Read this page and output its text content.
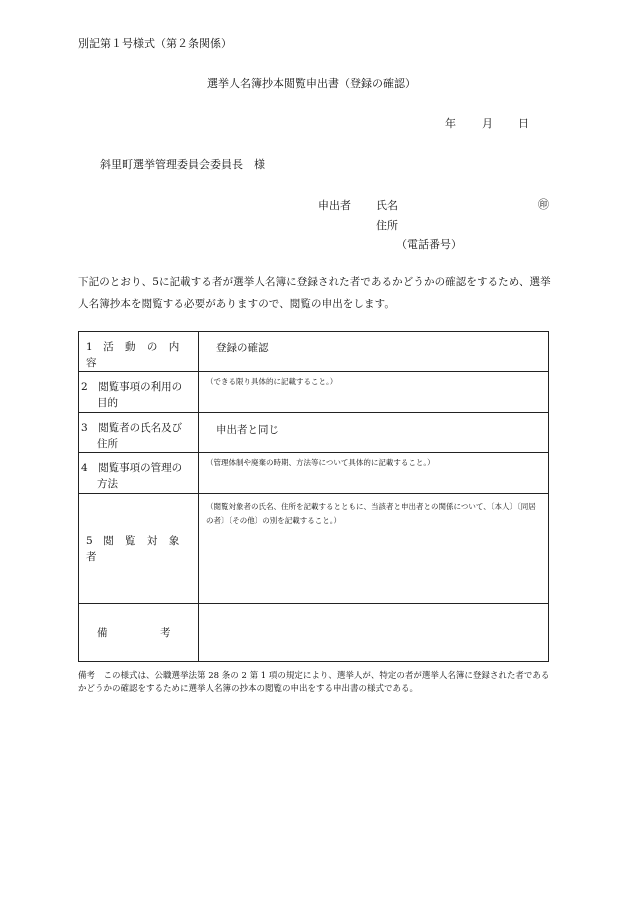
別記第１号様式（第２条関係）
選挙人名簿抄本閲覧申出書（登録の確認）
年 月 日
斜里町選挙管理委員会委員長　様
申出者 氏名	㊞
住所
（電話番号）
下記のとおり、5に記載する者が選挙人名簿に登録された者であるかどうかの確認をするため、選挙人名簿抄本を閲覧する必要がありますので、閲覧の申出をします。
1　 活 動 の 内 容	登録の確認

2　 閲覧事項の利用の目的	（できる限り具体的に記載すること。）

3　 閲覧者の氏名及び住所	申出者と同じ

4　 閲覧事項の管理の方法	（管理体制や廃棄の時期、方法等について具体的に記載すること。）

5　 閲 覧 対 象 者	（閲覧対象者の氏名、住所を記載するとともに、当該者と申出者との関係について、〔本人〕〔同居の者〕〔その他〕の別を記載すること。）

備　　　　　考	

備考　 この様式は、公職選挙法第 28 条の 2 第 1 項の規定により、選挙人が、特定の者が選挙人名簿に登録された者であるかどうかの確認をするために選挙人名簿の抄本の閲覧の申出をする申出書の様式である。
